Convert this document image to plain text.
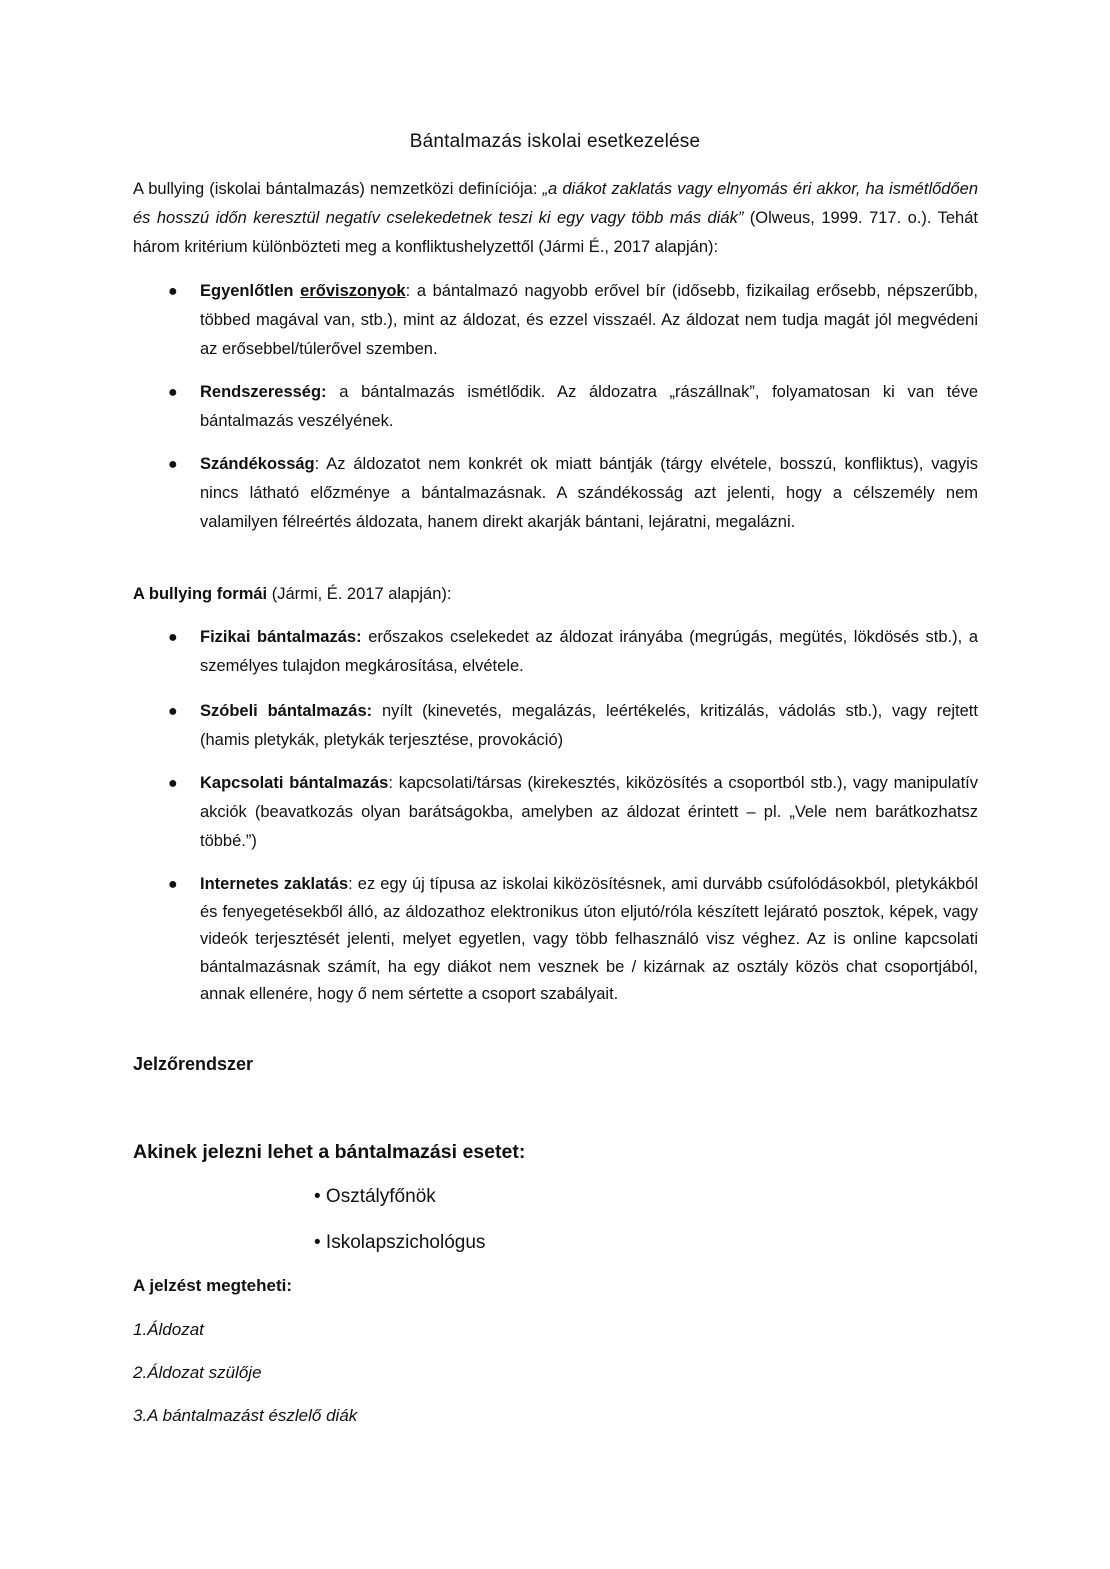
Bántalmazás iskolai esetkezelése
A bullying (iskolai bántalmazás) nemzetközi definíciója: „a diákot zaklatás vagy elnyomás éri akkor, ha ismétlődően és hosszú időn keresztül negatív cselekedetnek teszi ki egy vagy több más diák” (Olweus, 1999. 717. o.). Tehát három kritérium különbözteti meg a konfliktushelyzettől (Jármi É., 2017 alapján):
● Egyenlőtlen erőviszonyok: a bántalmazó nagyobb erővel bír (idősebb, fizikailag erősebb, népszerűbb, többed magával van, stb.), mint az áldozat, és ezzel visszaél. Az áldozat nem tudja magát jól megvédeni az erősebbel/túlerővel szemben.
● Rendszeresség: a bántalmazás ismétlődik. Az áldozatra „rászállnak”, folyamatosan ki van téve bántalmazás veszélyének.
● Szándékosság: Az áldozatot nem konkrét ok miatt bántják (tárgy elvétele, bosszú, konfliktus), vagyis nincs látható előzménye a bántalmazásnak. A szándékosság azt jelenti, hogy a célszemély nem valamilyen félreértés áldozata, hanem direkt akarják bántani, lejáratni, megalázni.
A bullying formái (Jármi, É. 2017 alapján):
● Fizikai bántalmazás: erőszakos cselekedet az áldozat irányába (megrúgás, megütés, lökdösés stb.), a személyes tulajdon megkárosítása, elvétele.
● Szóbeli bántalmazás: nyílt (kinevetés, megalázás, leértékelés, kritizálás, vádolás stb.), vagy rejtett (hamis pletykák, pletykák terjesztése, provokáció)
● Kapcsolati bántalmazás: kapcsolati/társas (kirekesztés, kiközösítés a csoportból stb.), vagy manipulatív akciók (beavatkozás olyan barátságokba, amelyben az áldozat érintett – pl. „Vele nem barátkozhatsz többé.”)
● Internetes zaklatás: ez egy új típusa az iskolai kiközösítésnek, ami durvább csúfolódásokból, pletykákból és fenyegetésekből álló, az áldozathoz elektronikus úton eljutó/róla készített lejárató posztok, képek, vagy videók terjesztését jelenti, melyet egyetlen, vagy több felhasználó visz véghez. Az is online kapcsolati bántalmazásnak számít, ha egy diákot nem vesznek be / kizárnak az osztály közös chat csoportjából, annak ellenére, hogy ő nem sértette a csoport szabályait.
Jelzőrendszer
Akinek jelezni lehet a bántalmazási esetet:
• Osztályfőnök
• Iskolapszichológus
A jelzést megteheti:
1.Áldozat
2.Áldozat szülője
3.A bántalmazást észlelő diák
